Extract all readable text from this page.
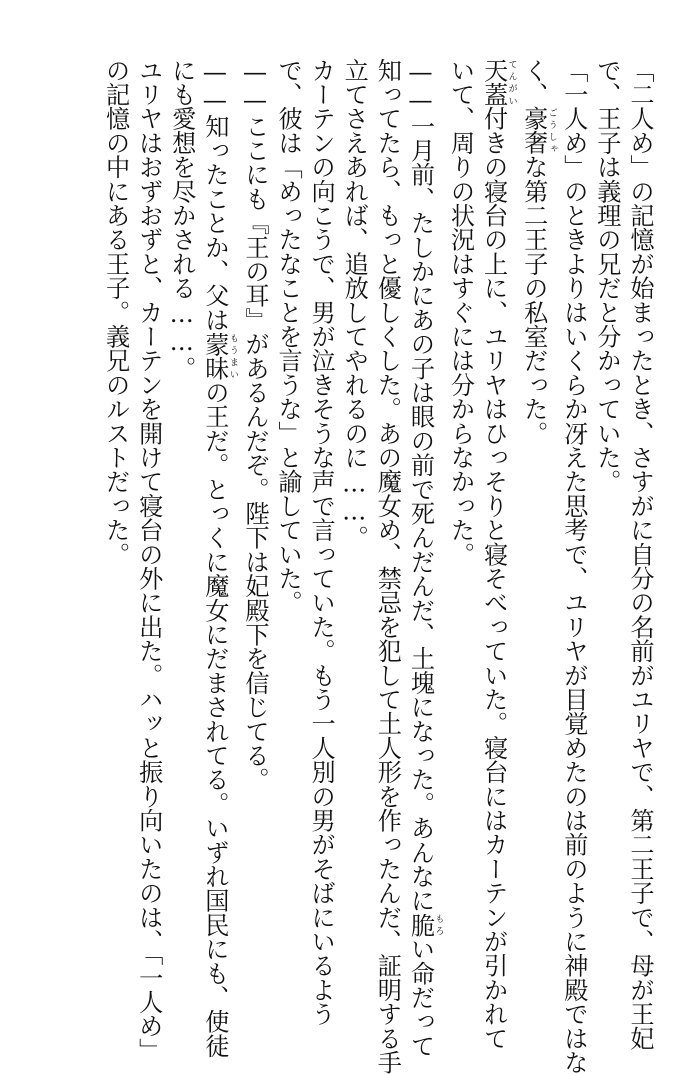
「二人め」の記憶が始まったとき、さすがに自分の名前がユリヤで、第二王子で、母が王妃

で、王子は義理の兄だと分かっていた。

「一人め」のときよりはいくらか冴えた思考で、ユリヤが目覚めたのは前のように神殿ではな

く、豪奢 ごうしゃな第二王子の私室だった。

天蓋 てんがい付きの寝台の上に、ユリヤはひっそりと寝そべっていた。寝台にはカーテンが引かれて

いて、周りの状況はすぐには分からなかった。

——一月前、たしかにあの子は眼の前で死んだんだ、土塊になった。あんなに脆 もろい命だって

知ってたら、もっと優しくした。あの魔女め、禁忌を犯して土人形を作ったんだ、証明する手

立てさえあれば、追放してやれるのに……。

カーテンの向こうで、男が泣きそうな声で言っていた。もう一人別の男がそばにいるよう

で、彼は「めったなことを言うな」と諭していた。

——ここにも『王の耳』があるんだぞ。陛下は妃殿下を信じてる。

——知ったことか、父は蒙昧 もうまいの王だ。とっくに魔女にだまされてる。いずれ国民にも、使徒

にも愛想を尽かされる……。

ユリヤはおずおずと、カーテンを開けて寝台の外に出た。ハッと振り向いたのは、「一人め」

の記憶の中にある王子。義兄のルストだった。
